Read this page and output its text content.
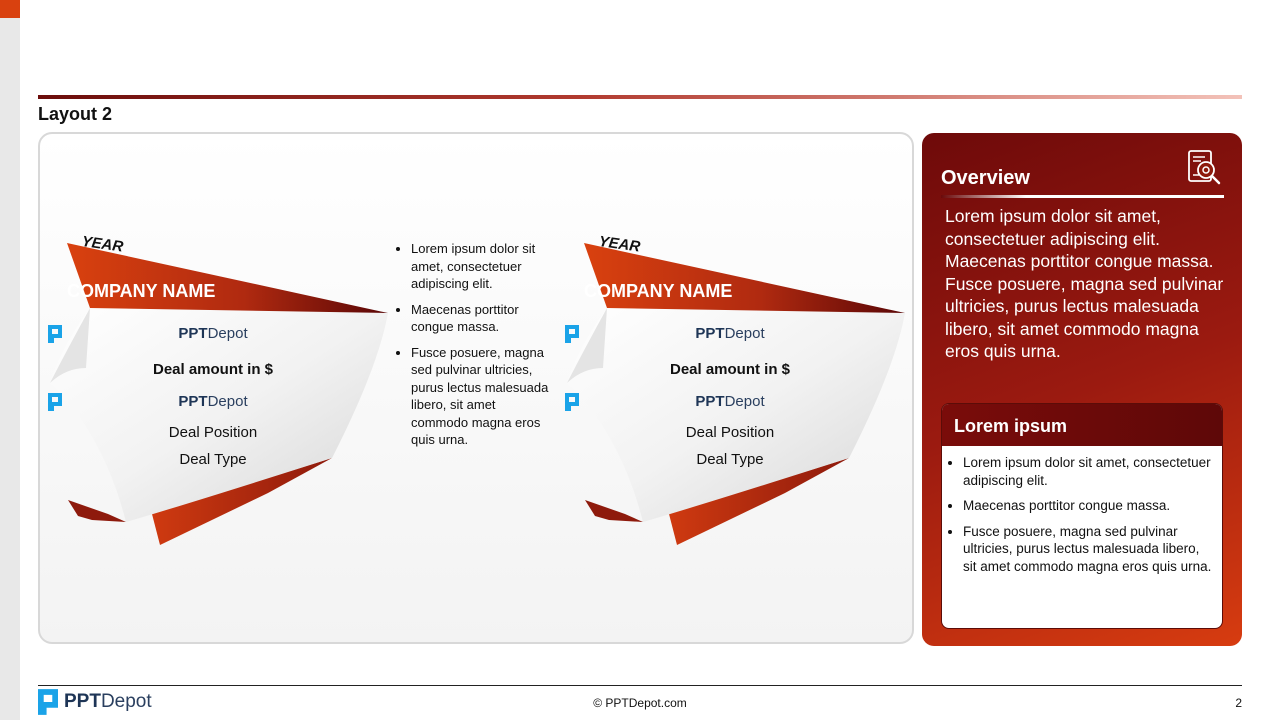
Layout 2
YEAR
COMPANY NAME
PPTDepot
Deal amount in $
PPTDepot
Deal Position
Deal Type
• Lorem ipsum dolor sit amet, consectetuer adipiscing elit.
• Maecenas porttitor congue massa.
• Fusce posuere, magna sed pulvinar ultricies, purus lectus malesuada libero, sit amet commodo magna eros quis urna.
YEAR
COMPANY NAME
PPTDepot
Deal amount in $
PPTDepot
Deal Position
Deal Type
Overview
Lorem ipsum dolor sit amet, consectetuer adipiscing elit. Maecenas porttitor congue massa. Fusce posuere, magna sed pulvinar ultricies, purus lectus malesuada libero, sit amet commodo magna eros quis urna.
Lorem ipsum
• Lorem ipsum dolor sit amet, consectetuer adipiscing elit.
• Maecenas porttitor congue massa.
• Fusce posuere, magna sed pulvinar ultricies, purus lectus malesuada libero, sit amet commodo magna eros quis urna.
PPTDepot	© PPTDepot.com	2
